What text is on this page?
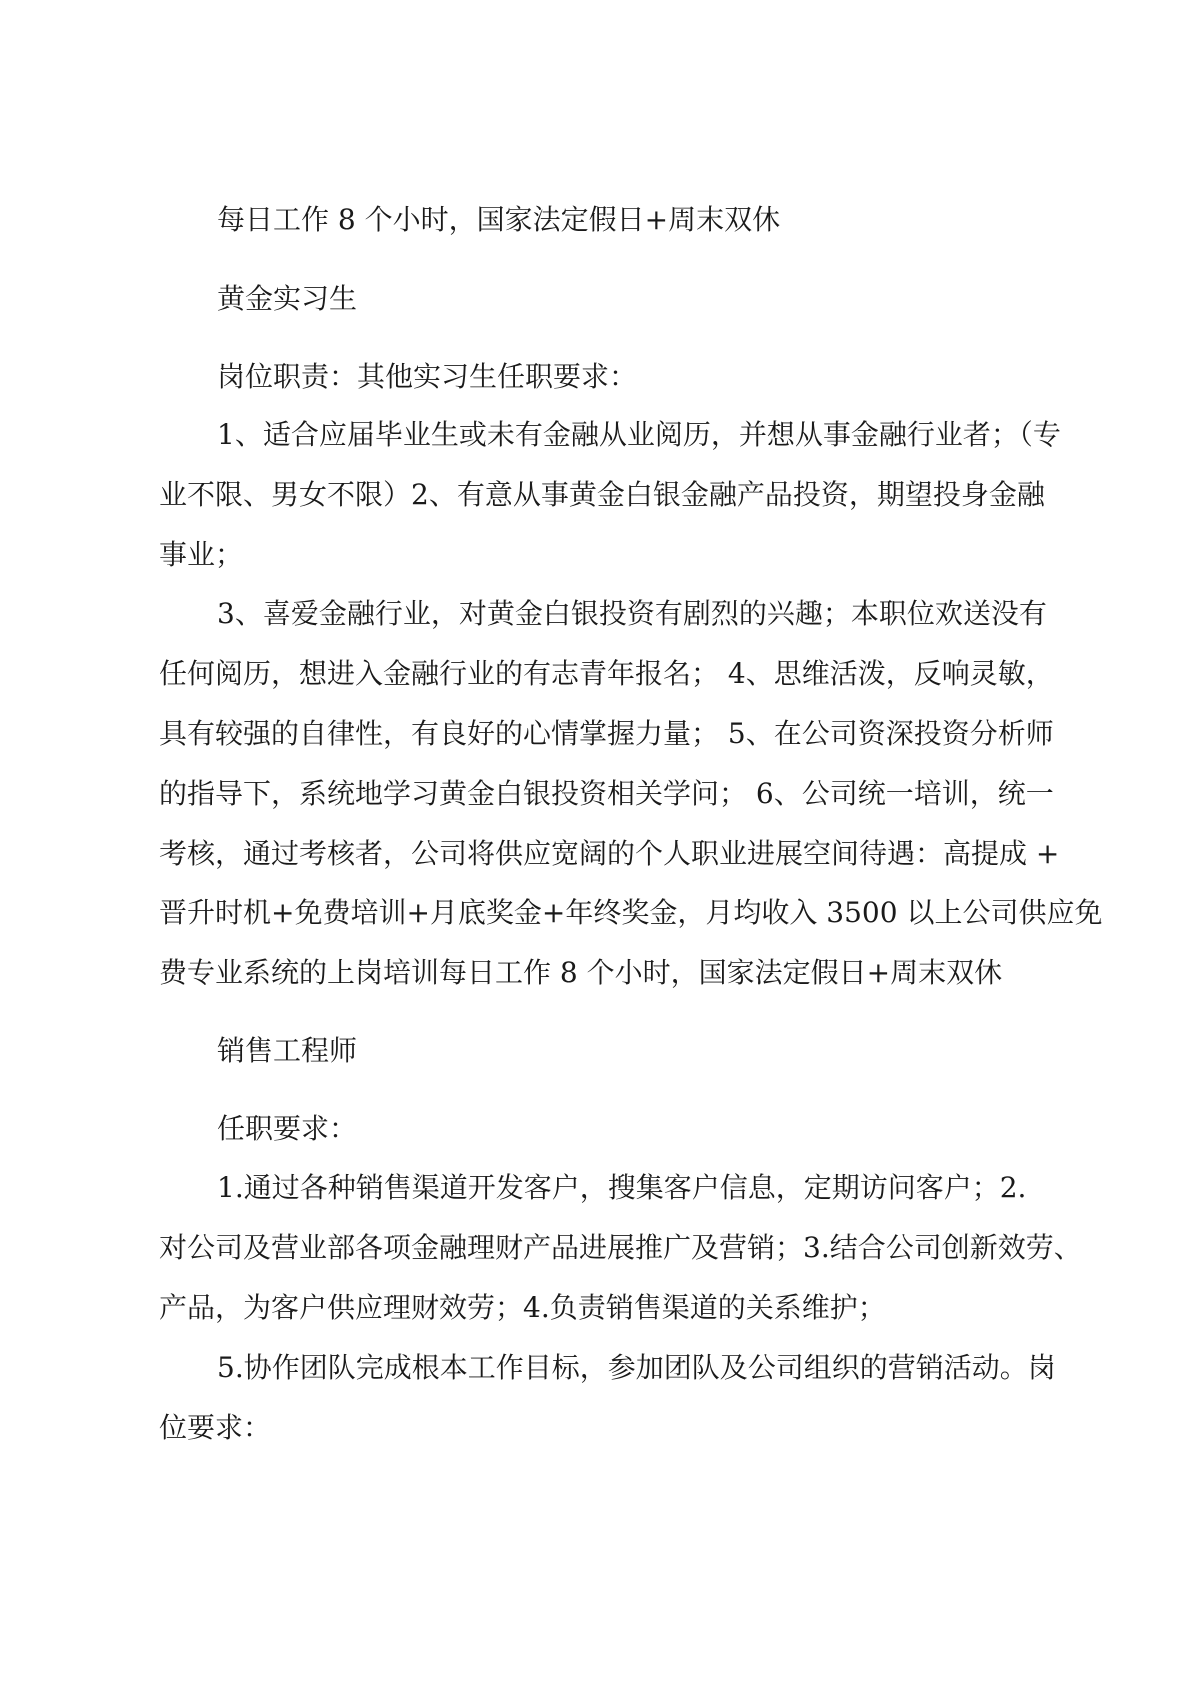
每日工作 8 个小时，国家法定假日+周末双休

黄金实习生

岗位职责：其他实习生任职要求：

1、适合应届毕业生或未有金融从业阅历，并想从事金融行业者；（专

业不限、男女不限）2、有意从事黄金白银金融产品投资，期望投身金融

事业；

3、喜爱金融行业，对黄金白银投资有剧烈的兴趣；本职位欢送没有

任何阅历，想进入金融行业的有志青年报名； 4、思维活泼，反响灵敏，

具有较强的自律性，有良好的心情掌握力量； 5、在公司资深投资分析师

的指导下，系统地学习黄金白银投资相关学问； 6、公司统一培训，统一

考核，通过考核者，公司将供应宽阔的个人职业进展空间待遇：高提成 +

晋升时机+免费培训+月底奖金+年终奖金，月均收入 3500 以上公司供应免

费专业系统的上岗培训每日工作 8 个小时，国家法定假日+周末双休

销售工程师

任职要求：

1.通过各种销售渠道开发客户，搜集客户信息，定期访问客户；2.

对公司及营业部各项金融理财产品进展推广及营销；3.结合公司创新效劳、

产品，为客户供应理财效劳；4.负责销售渠道的关系维护；

5.协作团队完成根本工作目标，参加团队及公司组织的营销活动。岗

位要求：
